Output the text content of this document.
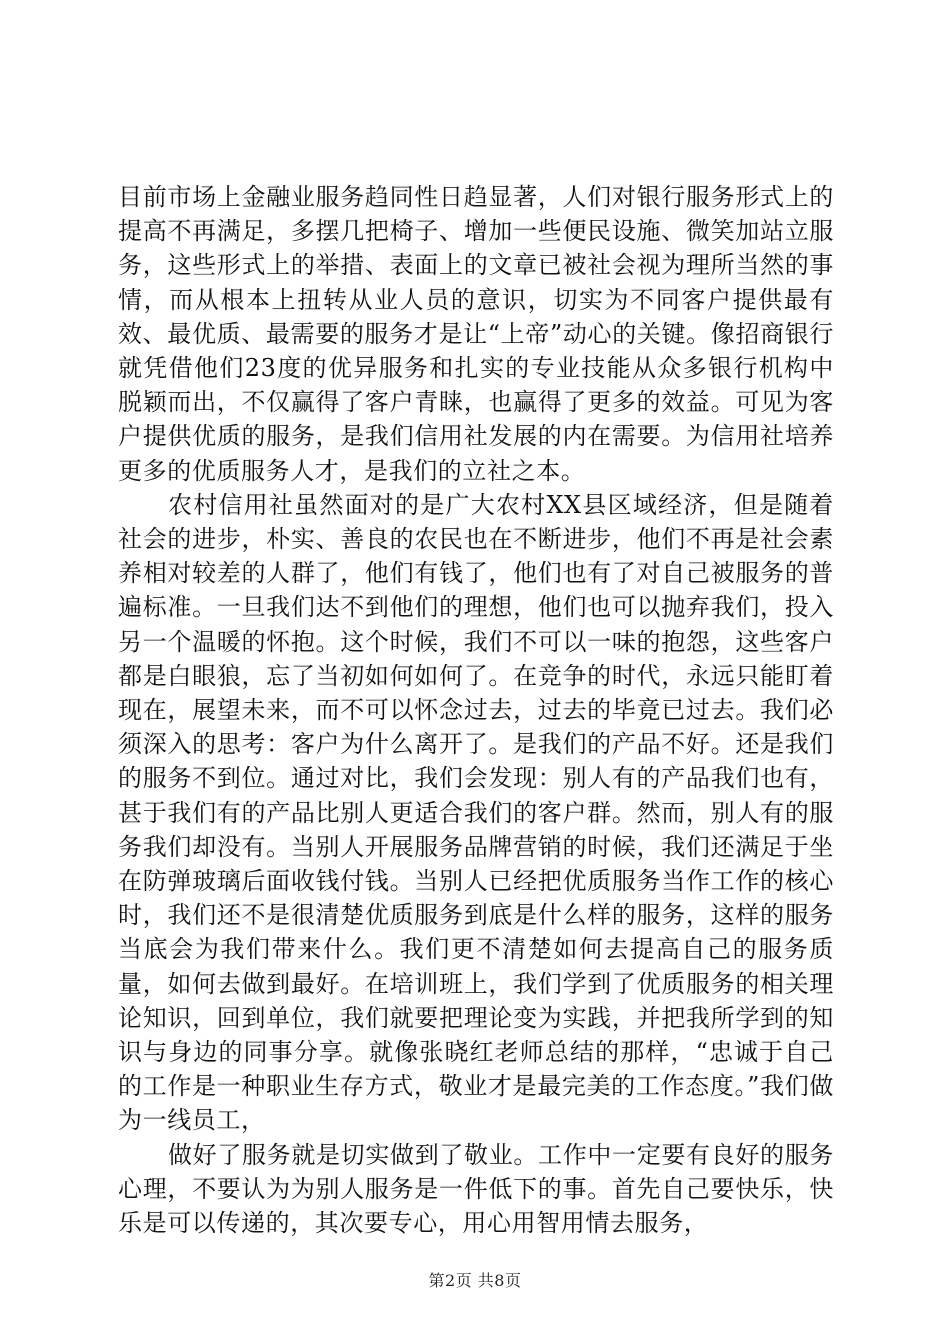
目前市场上金融业服务趋同性日趋显著，人们对银行服务形式上的提高不再满足，多摆几把椅子、增加一些便民设施、微笑加站立服务，这些形式上的举措、表面上的文章已被社会视为理所当然的事情，而从根本上扭转从业人员的意识，切实为不同客户提供最有效、最优质、最需要的服务才是让“上帝”动心的关键。像招商银行就凭借他们23度的优异服务和扎实的专业技能从众多银行机构中脱颖而出，不仅赢得了客户青睐，也赢得了更多的效益。可见为客户提供优质的服务，是我们信用社发展的内在需要。为信用社培养更多的优质服务人才，是我们的立社之本。

农村信用社虽然面对的是广大农村XX县区域经济，但是随着社会的进步，朴实、善良的农民也在不断进步，他们不再是社会素养相对较差的人群了，他们有钱了，他们也有了对自己被服务的普遍标准。一旦我们达不到他们的理想，他们也可以抛弃我们，投入另一个温暖的怀抱。这个时候，我们不可以一味的抱怨，这些客户都是白眼狼，忘了当初如何如何了。在竞争的时代，永远只能盯着现在，展望未来，而不可以怀念过去，过去的毕竟已过去。我们必须深入的思考：客户为什么离开了。是我们的产品不好。还是我们的服务不到位。通过对比，我们会发现：别人有的产品我们也有，甚于我们有的产品比别人更适合我们的客户群。然而，别人有的服务我们却没有。当别人开展服务品牌营销的时候，我们还满足于坐在防弹玻璃后面收钱付钱。当别人已经把优质服务当作工作的核心时，我们还不是很清楚优质服务到底是什么样的服务，这样的服务当底会为我们带来什么。我们更不清楚如何去提高自己的服务质量，如何去做到最好。在培训班上，我们学到了优质服务的相关理论知识，回到单位，我们就要把理论变为实践，并把我所学到的知识与身边的同事分享。就像张晓红老师总结的那样，“忠诚于自己的工作是一种职业生存方式，敬业才是最完美的工作态度。”我们做为一线员工，

做好了服务就是切实做到了敬业。工作中一定要有良好的服务心理，不要认为为别人服务是一件低下的事。首先自己要快乐，快乐是可以传递的，其次要专心，用心用智用情去服务，

第2页 共8页
